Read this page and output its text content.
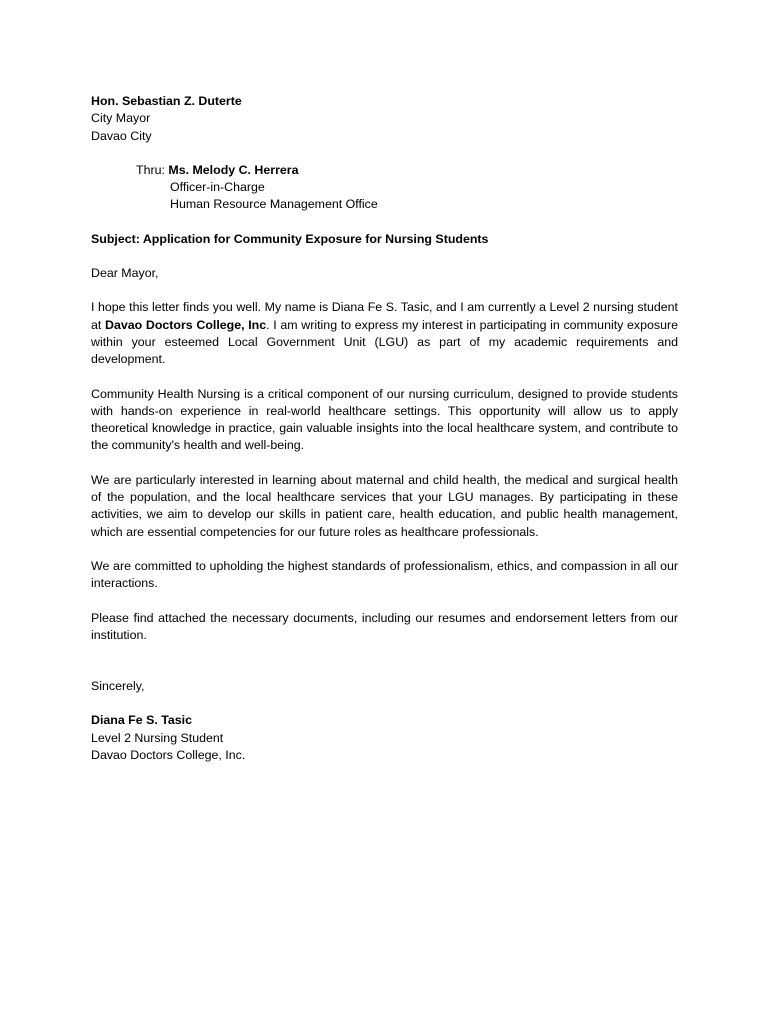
Hon. Sebastian Z. Duterte
City Mayor
Davao City
Thru: Ms. Melody C. Herrera
Officer-in-Charge
Human Resource Management Office
Subject: Application for Community Exposure for Nursing Students
Dear Mayor,

I hope this letter finds you well. My name is Diana Fe S. Tasic, and I am currently a Level 2 nursing student at Davao Doctors College, Inc. I am writing to express my interest in participating in community exposure within your esteemed Local Government Unit (LGU) as part of my academic requirements and development.

Community Health Nursing is a critical component of our nursing curriculum, designed to provide students with hands-on experience in real-world healthcare settings. This opportunity will allow us to apply theoretical knowledge in practice, gain valuable insights into the local healthcare system, and contribute to the community's health and well-being.

We are particularly interested in learning about maternal and child health, the medical and surgical health of the population, and the local healthcare services that your LGU manages. By participating in these activities, we aim to develop our skills in patient care, health education, and public health management, which are essential competencies for our future roles as healthcare professionals.

We are committed to upholding the highest standards of professionalism, ethics, and compassion in all our interactions.

Please find attached the necessary documents, including our resumes and endorsement letters from our institution.

Sincerely,
Diana Fe S. Tasic
Level 2 Nursing Student
Davao Doctors College, Inc.
